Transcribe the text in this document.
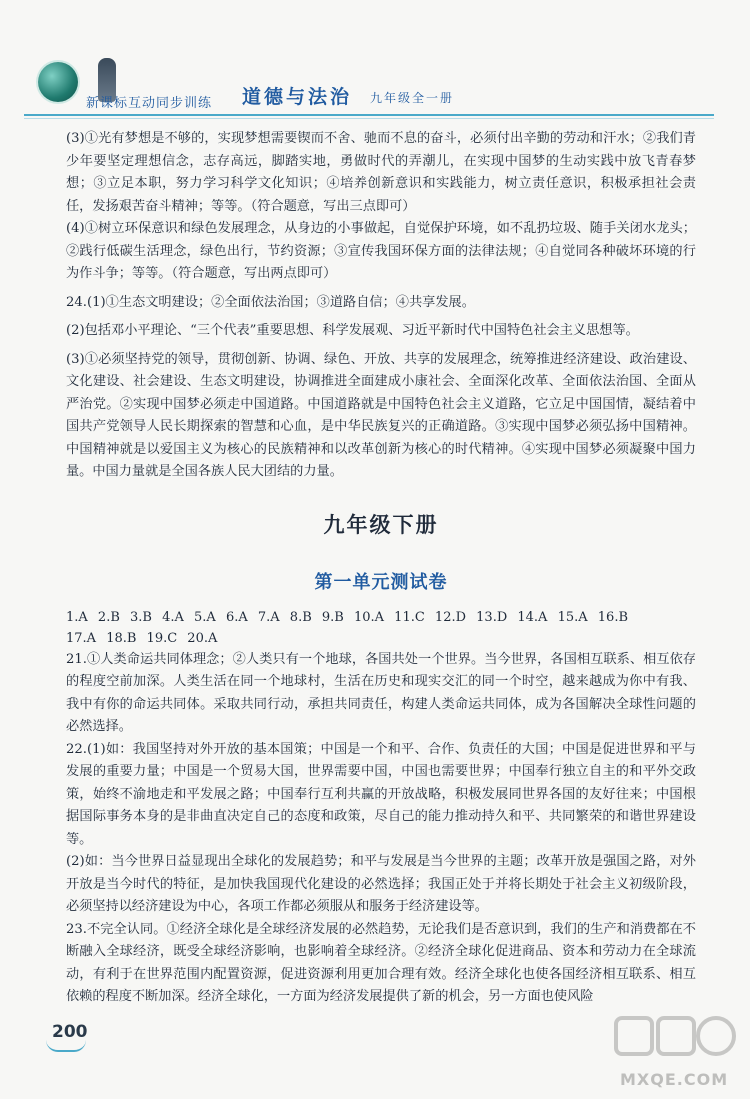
新课标互动同步训练 道德与法治 九年级全一册

(3)①光有梦想是不够的，实现梦想需要锲而不舍、驰而不息的奋斗，必须付出辛勤的劳动和汗水；②我们青少年要坚定理想信念，志存高远，脚踏实地，勇做时代的弄潮儿，在实现中国梦的生动实践中放飞青春梦想；③立足本职，努力学习科学文化知识；④培养创新意识和实践能力，树立责任意识，积极承担社会责任，发扬艰苦奋斗精神；等等。（符合题意，写出三点即可）

(4)①树立环保意识和绿色发展理念，从身边的小事做起，自觉保护环境，如不乱扔垃圾、随手关闭水龙头；②践行低碳生活理念，绿色出行，节约资源；③宣传我国环保方面的法律法规；④自觉同各种破坏环境的行为作斗争；等等。（符合题意，写出两点即可）

24.(1)①生态文明建设；②全面依法治国；③道路自信；④共享发展。

(2)包括邓小平理论、“三个代表”重要思想、科学发展观、习近平新时代中国特色社会主义思想等。

(3)①必须坚持党的领导，贯彻创新、协调、绿色、开放、共享的发展理念，统筹推进经济建设、政治建设、文化建设、社会建设、生态文明建设，协调推进全面建成小康社会、全面深化改革、全面依法治国、全面从严治党。②实现中国梦必须走中国道路。中国道路就是中国特色社会主义道路，它立足中国国情，凝结着中国共产党领导人民长期探索的智慧和心血，是中华民族复兴的正确道路。③实现中国梦必须弘扬中国精神。中国精神就是以爱国主义为核心的民族精神和以改革创新为核心的时代精神。④实现中国梦必须凝聚中国力量。中国力量就是全国各族人民大团结的力量。

九年级下册
第一单元测试卷

1.A 2.B 3.B 4.A 5.A 6.A 7.A 8.B 9.B 10.A 11.C 12.D 13.D 14.A 15.A 16.B

17.A 18.B 19.C 20.A

21.①人类命运共同体理念；②人类只有一个地球，各国共处一个世界。当今世界，各国相互联系、相互依存的程度空前加深。人类生活在同一个地球村，生活在历史和现实交汇的同一个时空，越来越成为你中有我、我中有你的命运共同体。采取共同行动，承担共同责任，构建人类命运共同体，成为各国解决全球性问题的必然选择。

22.(1)如：我国坚持对外开放的基本国策；中国是一个和平、合作、负责任的大国；中国是促进世界和平与发展的重要力量；中国是一个贸易大国，世界需要中国，中国也需要世界；中国奉行独立自主的和平外交政策，始终不渝地走和平发展之路；中国奉行互利共赢的开放战略，积极发展同世界各国的友好往来；中国根据国际事务本身的是非曲直决定自己的态度和政策，尽自己的能力推动持久和平、共同繁荣的和谐世界建设等。

(2)如：当今世界日益显现出全球化的发展趋势；和平与发展是当今世界的主题；改革开放是强国之路，对外开放是当今时代的特征，是加快我国现代化建设的必然选择；我国正处于并将长期处于社会主义初级阶段，必须坚持以经济建设为中心，各项工作都必须服从和服务于经济建设等。

23.不完全认同。①经济全球化是全球经济发展的必然趋势，无论我们是否意识到，我们的生产和消费都在不断融入全球经济，既受全球经济影响，也影响着全球经济。②经济全球化促进商品、资本和劳动力在全球流动，有利于在世界范围内配置资源，促进资源利用更加合理有效。经济全球化也使各国经济相互联系、相互依赖的程度不断加深。经济全球化，一方面为经济发展提供了新的机会，另一方面也使风险

200
MXQE.COM
